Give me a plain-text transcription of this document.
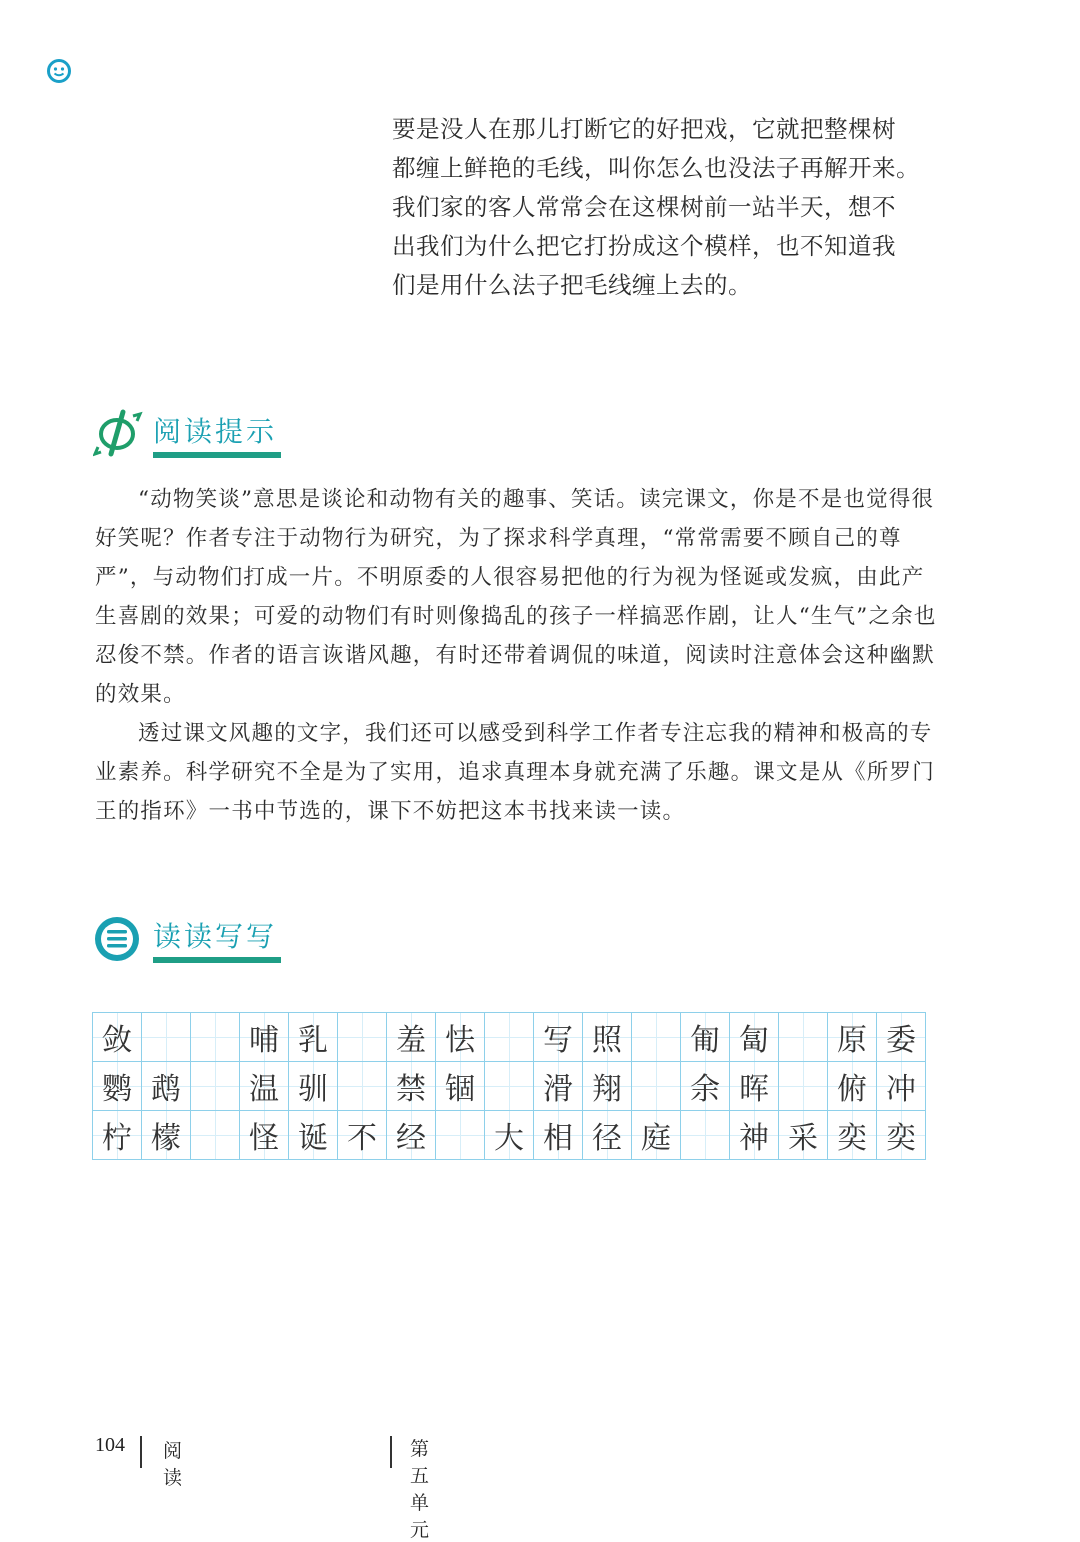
要是没人在那儿打断它的好把戏，它就把整棵树

都缠上鲜艳的毛线，叫你怎么也没法子再解开来。

我们家的客人常常会在这棵树前一站半天，想不

出我们为什么把它打扮成这个模样，也不知道我

们是用什么法子把毛线缠上去的。

阅读提示

“动物笑谈”意思是谈论和动物有关的趣事、笑话。读完课文，你是不是也觉得很好笑呢？作者专注于动物行为研究，为了探求科学真理，“常常需要不顾自己的尊严”，与动物们打成一片。不明原委的人很容易把他的行为视为怪诞或发疯，由此产生喜剧的效果；可爱的动物们有时则像捣乱的孩子一样搞恶作剧，让人“生气”之余也忍俊不禁。作者的语言诙谐风趣，有时还带着调侃的味道，阅读时注意体会这种幽默的效果。

透过课文风趣的文字，我们还可以感受到科学工作者专注忘我的精神和极高的专业素养。科学研究不全是为了实用，追求真理本身就充满了乐趣。课文是从《所罗门王的指环》一书中节选的，课下不妨把这本书找来读一读。

读读写写
敛			哺	乳		羞	怯		写	照		匍	匐		原	委
鹦	鹉		温	驯		禁	锢		滑	翔		余	晖		俯	冲
柠	檬		怪	诞	不	经		大	相	径	庭		神	采	奕	奕
104 阅读
第五单元
